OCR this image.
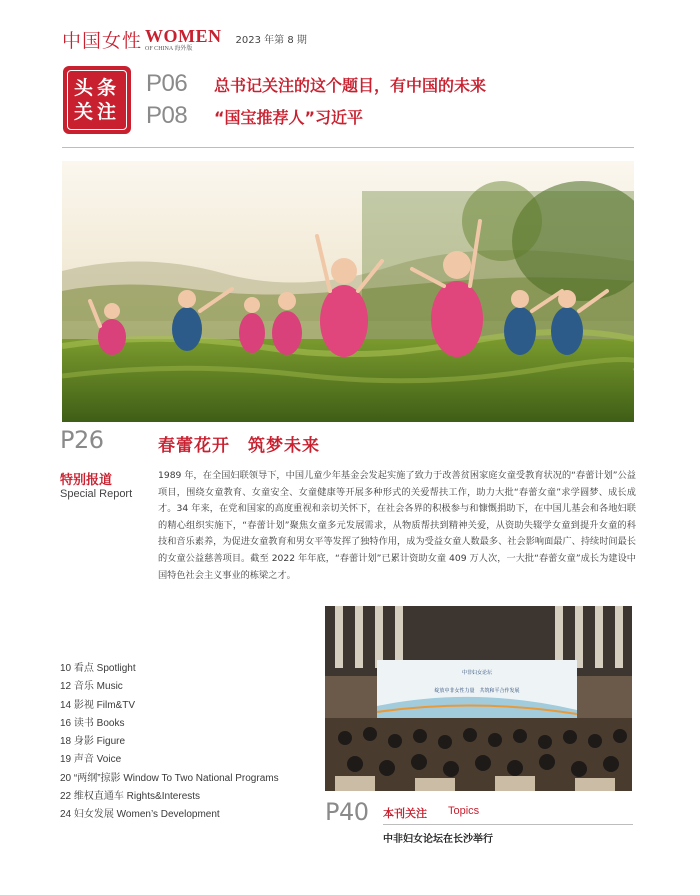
中国女性 WOMEN
OF CHINA 海外版
2023 年第 8 期
头条
关注
P06	总书记关注的这个题目，有中国的未来
P08	“国宝推荐人”习近平
P26	春蕾花开　筑梦未来
特别报道
Special Report

1989 年，在全国妇联领导下，中国儿童少年基金会发起实施了致力于改善贫困家庭女童受教育状况的“春蕾计划”公益项目，围绕女童教育、女童安全、女童健康等开展多种形式的关爱帮扶工作，助力大批“春蕾女童”求学圆梦、成长成才。34 年来，在党和国家的高度重视和亲切关怀下，在社会各界的积极参与和慷慨捐助下，在中国儿基会和各地妇联的精心组织实施下，“春蕾计划”聚焦女童多元发展需求，从物质帮扶到精神关爱，从资助失辍学女童到提升女童的科技和音乐素养，为促进女童教育和男女平等发挥了独特作用，成为受益女童人数最多、社会影响面最广、持续时间最长的女童公益慈善项目。截至 2022 年年底，“春蕾计划”已累计资助女童 409 万人次，一大批“春蕾女童”成长为建设中国特色社会主义事业的栋梁之才。

10 看点 Spotlight
12 音乐 Music
14 影视 Film&TV
16 读书 Books
18 身影 Figure
19 声音 Voice
20 “两纲”掠影 Window To Two National Programs
22 维权直通车 Rights&Interests
24 妇女发展 Women’s Development
中非妇女论坛
绽放中非女性力量　共筑和平合作发展
P40 本刊关注 Topics
中非妇女论坛在长沙举行
